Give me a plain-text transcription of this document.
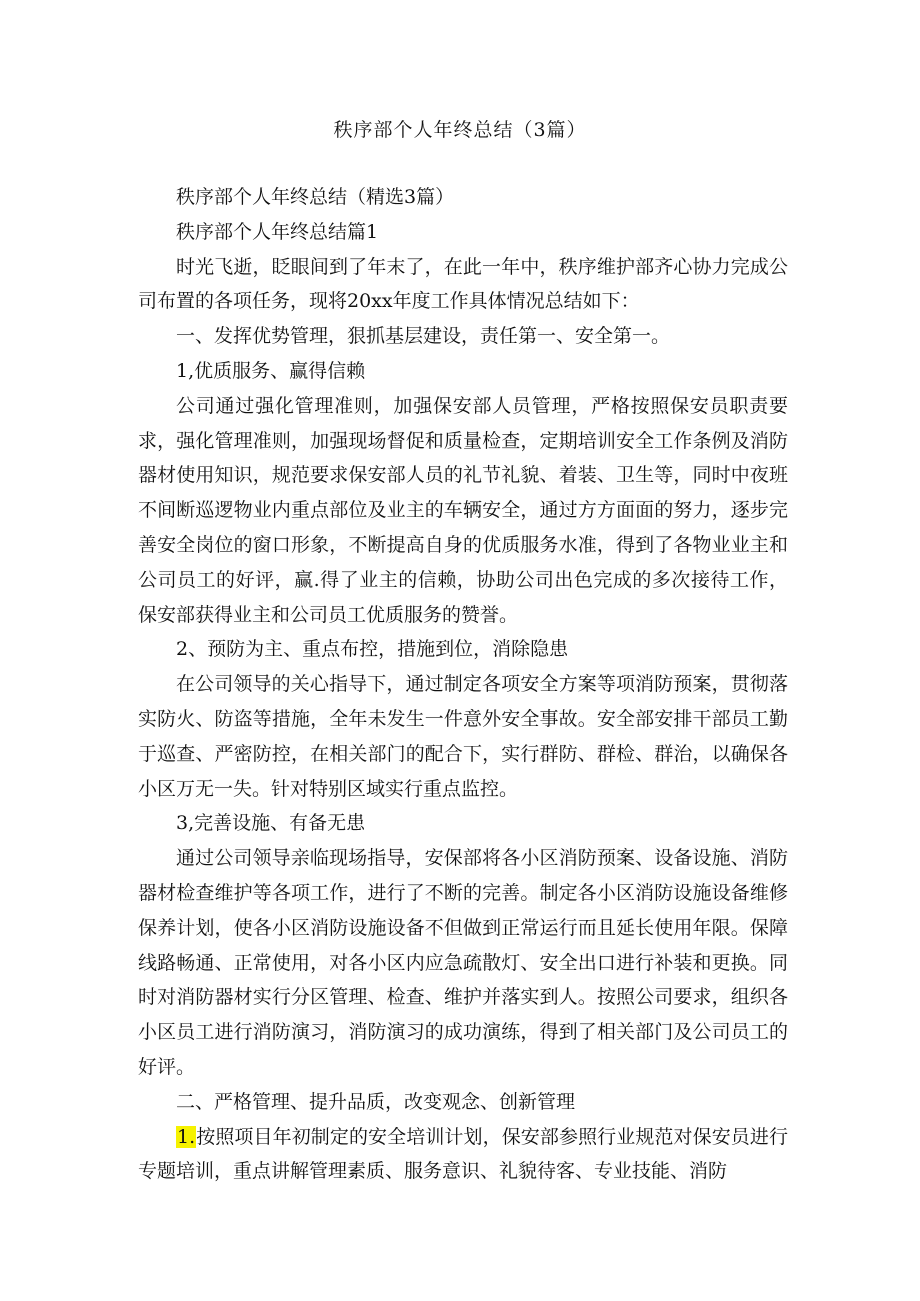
秩序部个人年终总结（3篇）

秩序部个人年终总结（精选3篇）

秩序部个人年终总结篇1

时光飞逝，眨眼间到了年末了，在此一年中，秩序维护部齐心协力完成公司布置的各项任务，现将20xx年度工作具体情况总结如下：

一、发挥优势管理，狠抓基层建设，责任第一、安全第一。

1,优质服务、赢得信赖

公司通过强化管理准则，加强保安部人员管理，严格按照保安员职责要求，强化管理准则，加强现场督促和质量检查，定期培训安全工作条例及消防器材使用知识，规范要求保安部人员的礼节礼貌、着装、卫生等，同时中夜班不间断巡逻物业内重点部位及业主的车辆安全，通过方方面面的努力，逐步完善安全岗位的窗口形象，不断提高自身的优质服务水准，得到了各物业业主和公司员工的好评，赢.得了业主的信赖，协助公司出色完成的多次接待工作，保安部获得业主和公司员工优质服务的赞誉。

2、预防为主、重点布控，措施到位，消除隐患

在公司领导的关心指导下，通过制定各项安全方案等项消防预案，贯彻落实防火、防盗等措施，全年未发生一件意外安全事故。安全部安排干部员工勤于巡查、严密防控，在相关部门的配合下，实行群防、群检、群治，以确保各小区万无一失。针对特别区域实行重点监控。

3,完善设施、有备无患

通过公司领导亲临现场指导，安保部将各小区消防预案、设备设施、消防器材检查维护等各项工作，进行了不断的完善。制定各小区消防设施设备维修保养计划，使各小区消防设施设备不但做到正常运行而且延长使用年限。保障线路畅通、正常使用，对各小区内应急疏散灯、安全出口进行补装和更换。同时对消防器材实行分区管理、检查、维护并落实到人。按照公司要求，组织各小区员工进行消防演习，消防演习的成功演练，得到了相关部门及公司员工的好评。

二、严格管理、提升品质，改变观念、创新管理

1.按照项目年初制定的安全培训计划，保安部参照行业规范对保安员进行专题培训，重点讲解管理素质、服务意识、礼貌待客、专业技能、消防
